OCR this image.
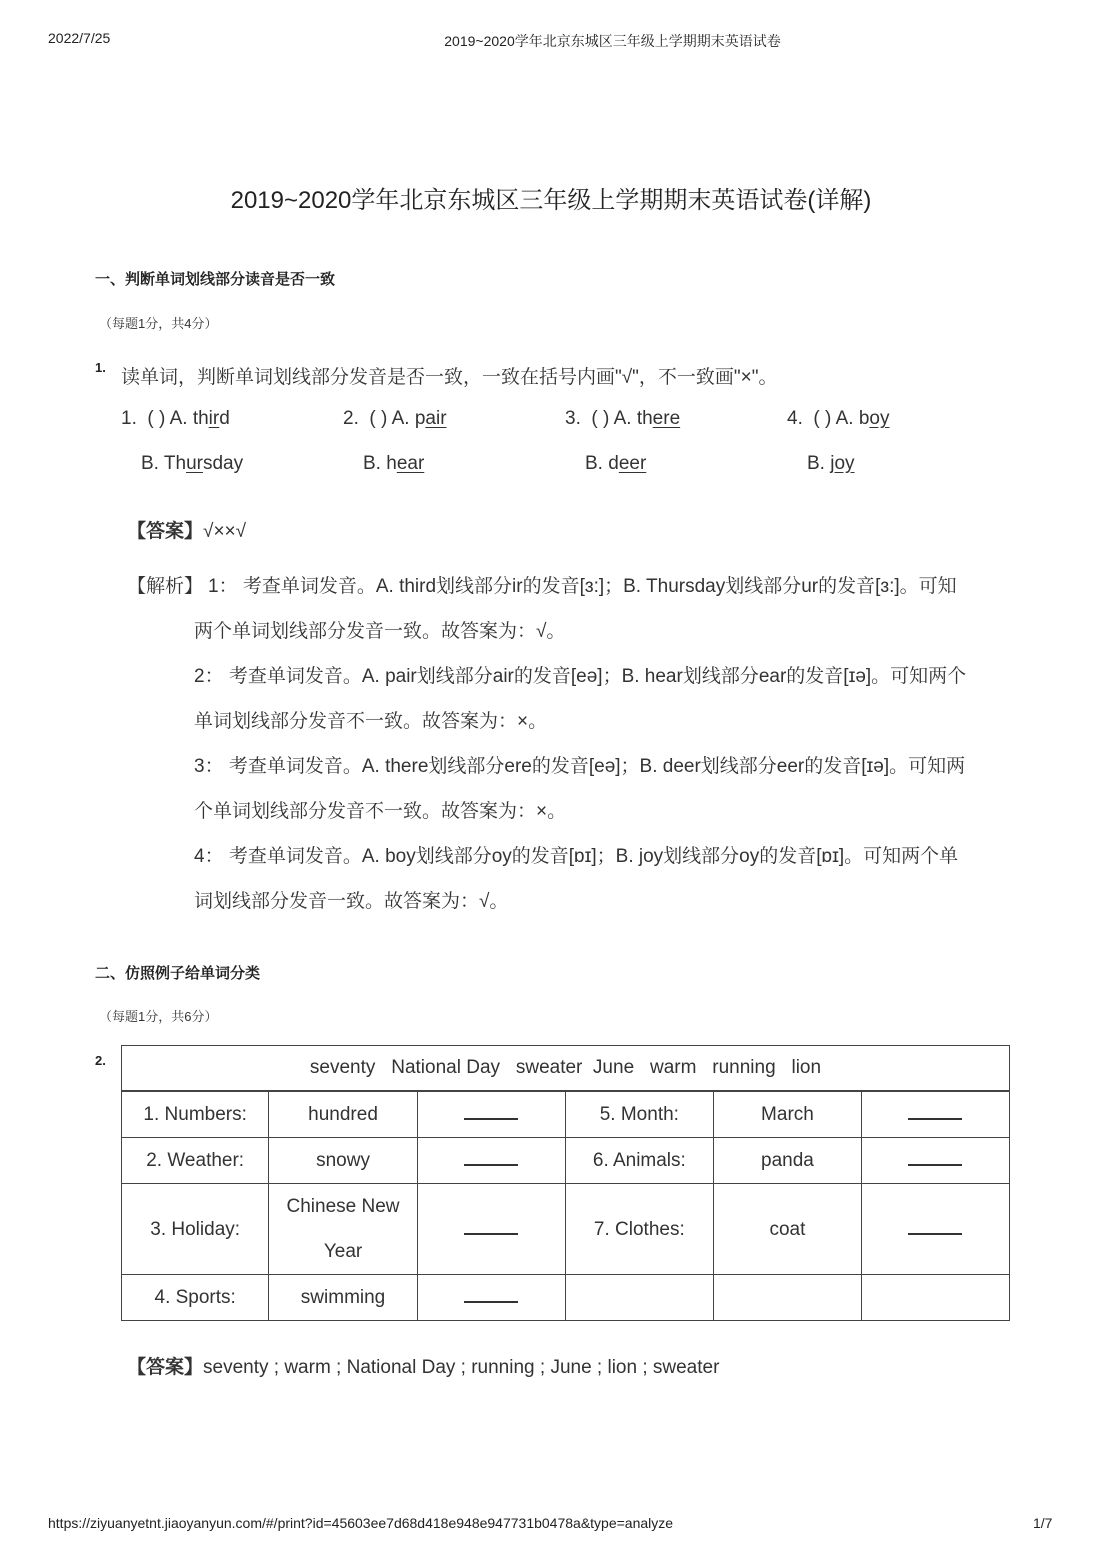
2022/7/25	2019~2020学年北京东城区三年级上学期期末英语试卷
2019~2020学年北京东城区三年级上学期期末英语试卷(详解)
一、判断单词划线部分读音是否一致
（每题1分，共4分）
1. 读单词，判断单词划线部分发音是否一致，一致在括号内画"√"，不一致画"×"。
1. ( ) A. third	2. ( ) A. pair	3. ( ) A. there	4. ( ) A. boy
B. Thursday	B. hear	B. deer	B. joy
【答案】√××√
【解析】 1： 考查单词发音。A. third划线部分ir的发音[ɜ:]；B. Thursday划线部分ur的发音[ɜ:]。可知
两个单词划线部分发音一致。故答案为：√。
2： 考查单词发音。A. pair划线部分air的发音[eə]；B. hear划线部分ear的发音[ɪə]。可知两个
单词划线部分发音不一致。故答案为：×。
3： 考查单词发音。A. there划线部分ere的发音[eə]；B. deer划线部分eer的发音[ɪə]。可知两
个单词划线部分发音不一致。故答案为：×。
4： 考查单词发音。A. boy划线部分oy的发音[ɒɪ]；B. joy划线部分oy的发音[ɒɪ]。可知两个单
词划线部分发音一致。故答案为：√。
二、仿照例子给单词分类
（每题1分，共6分）
2.	seventy   National Day   sweater  June   warm   running   lion					
1. Numbers:	hundred		5. Month:	March	
2. Weather:	snowy		6. Animals:	panda	
3. Holiday:	Chinese New Year		7. Clothes:	coat	
4. Sports:	swimming				
【答案】seventy ; warm ; National Day ; running ; June ; lion ; sweater
https://ziyuanyetnt.jiaoyanyun.com/#/print?id=45603ee7d68d418e948e947731b0478a&type=analyze	1/7
